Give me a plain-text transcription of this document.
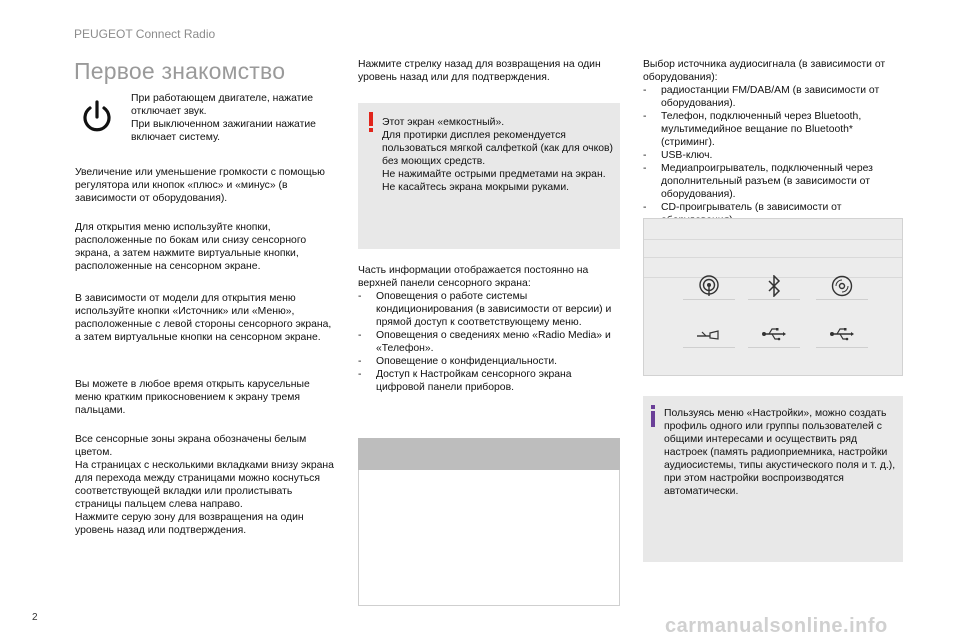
PEUGEOT Connect Radio
Первое знакомство
При работающем двигателе, нажатие отключает звук.
При выключенном зажигании нажатие включает систему.
Увеличение или уменьшение громкости с помощью регулятора или кнопок «плюс» и «минус» (в зависимости от оборудования).
Для открытия меню используйте кнопки, расположенные по бокам или снизу сенсорного экрана, а затем нажмите виртуальные кнопки, расположенные на сенсорном экране.
В зависимости от модели для открытия меню используйте кнопки «Источник» или «Меню», расположенные с левой стороны сенсорного экрана, а затем виртуальные кнопки на сенсорном экране.
Вы можете в любое время открыть карусельные меню кратким прикосновением к экрану тремя пальцами.
Все сенсорные зоны экрана обозначены белым цветом.
На страницах с несколькими вкладками внизу экрана для перехода между страницами можно коснуться соответствующей вкладки или пролистывать страницы пальцем слева направо.
Нажмите серую зону для возвращения на один уровень назад или подтверждения.
Нажмите стрелку назад для возвращения на один уровень назад или для подтверждения.
Этот экран «емкостный».
Для протирки дисплея рекомендуется пользоваться мягкой салфеткой (как для очков) без моющих средств.
Не нажимайте острыми предметами на экран.
Не касайтесь экрана мокрыми руками.
Часть информации отображается постоянно на верхней панели сенсорного экрана:
- Оповещения о работе системы кондиционирования (в зависимости от версии) и прямой доступ к соответствующему меню.
- Оповещения о сведениях меню «Radio Media» и «Телефон».
- Оповещение о конфиденциальности.
- Доступ к Настройкам сенсорного экрана цифровой панели приборов.
Выбор источника аудиосигнала (в зависимости от оборудования):
- радиостанции FM/DAB/AM (в зависимости от оборудования).
- Телефон, подключенный через Bluetooth, мультимедийное вещание по Bluetooth* (стриминг).
- USB-ключ.
- Медиапроигрыватель, подключенный через дополнительный разъем (в зависимости от оборудования).
- CD-проигрыватель (в зависимости от
Пользуясь меню «Настройки», можно создать профиль одного или группы пользователей с общими интересами и осуществить ряд настроек (память радиоприемника, настройки аудиосистемы, типы акустического поля и т. д.), при этом настройки воспроизводятся автоматически.
2	carmanualsonline.info
